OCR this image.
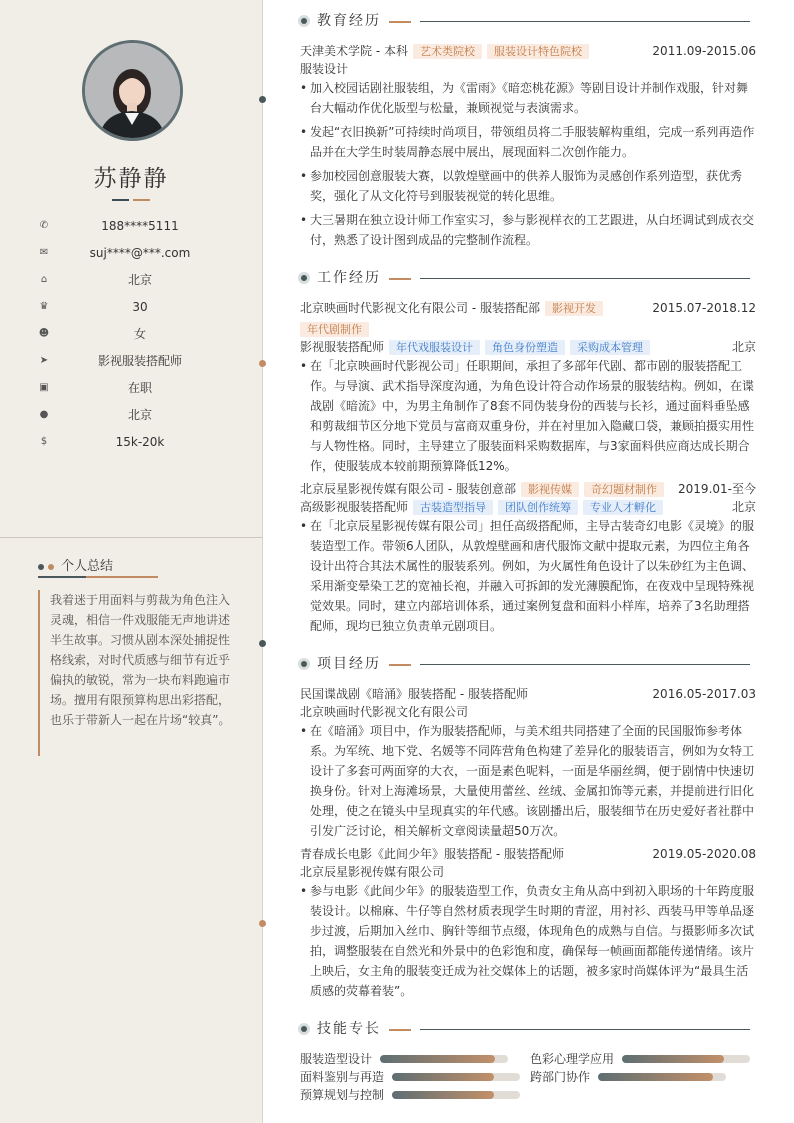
苏静静
✆	188****5111
✉	suj****@***.com
⌂	北京
♛	30
☻	女
➤	影视服装搭配师
▣	在职
●	北京
$	15k-20k
个人总结
我着迷于用面料与剪裁为角色注入灵魂，相信一件戏服能无声地讲述半生故事。习惯从剧本深处捕捉性格线索，对时代质感与细节有近乎偏执的敏锐，常为一块布料跑遍市场。擅用有限预算构思出彩搭配，也乐于带新人一起在片场“较真”。
教育经历
天津美术学院 - 本科 艺术类院校 服装设计特色院校	2011.09-2015.06
服装设计
• 加入校园话剧社服装组，为《雷雨》《暗恋桃花源》等剧目设计并制作戏服，针对舞台大幅动作优化版型与松量，兼顾视觉与表演需求。
• 发起“衣旧换新”可持续时尚项目，带领组员将二手服装解构重组，完成一系列再造作品并在大学生时装周静态展中展出，展现面料二次创作能力。
• 参加校园创意服装大赛，以敦煌壁画中的供养人服饰为灵感创作系列造型，获优秀奖，强化了从文化符号到服装视觉的转化思维。
• 大三暑期在独立设计师工作室实习，参与影视样衣的工艺跟进，从白坯调试到成衣交付，熟悉了设计图到成品的完整制作流程。
工作经历
北京映画时代影视文化有限公司 - 服装搭配部 影视开发	2015.07-2018.12
年代剧制作
影视服装搭配师 年代戏服装设计 角色身份塑造 采购成本管理	北京
• 在「北京映画时代影视公司」任职期间，承担了多部年代剧、都市剧的服装搭配工作。与导演、武术指导深度沟通，为角色设计符合动作场景的服装结构。例如，在谍战剧《暗流》中，为男主角制作了8套不同伪装身份的西装与长衫，通过面料垂坠感和剪裁细节区分地下党员与富商双重身份，并在衬里加入隐藏口袋，兼顾拍摄实用性与人物性格。同时，主导建立了服装面料采购数据库，与3家面料供应商达成长期合作，使服装成本较前期预算降低12%。
北京辰星影视传媒有限公司 - 服装创意部 影视传媒 奇幻题材制作 2019.01-至今
高级影视服装搭配师 古装造型指导 团队创作统筹 专业人才孵化	北京
• 在「北京辰星影视传媒有限公司」担任高级搭配师，主导古装奇幻电影《灵境》的服装造型工作。带领6人团队，从敦煌壁画和唐代服饰文献中提取元素，为四位主角各设计出符合其法术属性的服装系列。例如，为火属性角色设计了以朱砂红为主色调、采用渐变晕染工艺的宽袖长袍，并融入可拆卸的发光薄膜配饰，在夜戏中呈现特殊视觉效果。同时，建立内部培训体系，通过案例复盘和面料小样库，培养了3名助理搭配师，现均已独立负责单元剧项目。
项目经历
民国谍战剧《暗涌》服装搭配 - 服装搭配师	2016.05-2017.03
北京映画时代影视文化有限公司
• 在《暗涌》项目中，作为服装搭配师，与美术组共同搭建了全面的民国服饰参考体系。为军统、地下党、名媛等不同阵营角色构建了差异化的服装语言，例如为女特工设计了多套可两面穿的大衣，一面是素色呢料，一面是华丽丝绸，便于剧情中快速切换身份。针对上海滩场景，大量使用蕾丝、丝绒、金属扣饰等元素，并提前进行旧化处理，使之在镜头中呈现真实的年代感。该剧播出后，服装细节在历史爱好者社群中引发广泛讨论，相关解析文章阅读量超50万次。
青春成长电影《此间少年》服装搭配 - 服装搭配师	2019.05-2020.08
北京辰星影视传媒有限公司
• 参与电影《此间少年》的服装造型工作，负责女主角从高中到初入职场的十年跨度服装设计。以棉麻、牛仔等自然材质表现学生时期的青涩，用衬衫、西装马甲等单品逐步过渡，后期加入丝巾、胸针等细节点缀，体现角色的成熟与自信。与摄影师多次试拍，调整服装在自然光和外景中的色彩饱和度，确保每一帧画面都能传递情绪。该片上映后，女主角的服装变迁成为社交媒体上的话题，被多家时尚媒体评为“最具生活质感的荧幕着装”。
技能专长
服装造型设计	色彩心理学应用
面料鉴别与再造	跨部门协作
预算规划与控制
